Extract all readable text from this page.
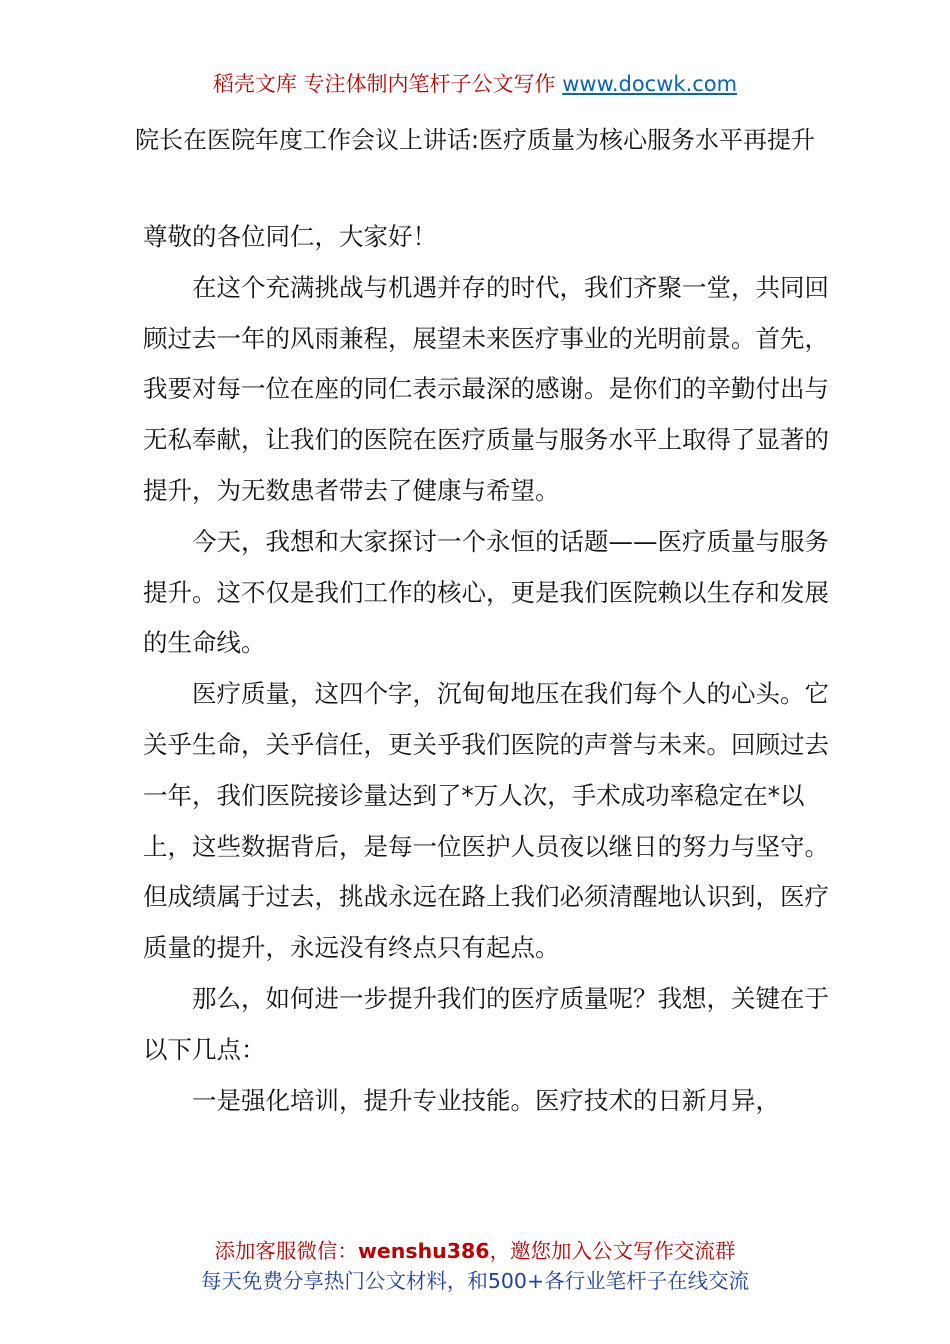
稻壳文库 专注体制内笔杆子公文写作 www.docwk.com
院长在医院年度工作会议上讲话:医疗质量为核心服务水平再提升

尊敬的各位同仁，大家好！

在这个充满挑战与机遇并存的时代，我们齐聚一堂，共同回顾过去一年的风雨兼程，展望未来医疗事业的光明前景。首先，我要对每一位在座的同仁表示最深的感谢。是你们的辛勤付出与无私奉献，让我们的医院在医疗质量与服务水平上取得了显著的提升，为无数患者带去了健康与希望。

今天，我想和大家探讨一个永恒的话题——医疗质量与服务提升。这不仅是我们工作的核心，更是我们医院赖以生存和发展的生命线。

医疗质量，这四个字，沉甸甸地压在我们每个人的心头。它关乎生命，关乎信任，更关乎我们医院的声誉与未来。回顾过去一年，我们医院接诊量达到了*万人次，手术成功率稳定在*以上，这些数据背后，是每一位医护人员夜以继日的努力与坚守。但成绩属于过去，挑战永远在路上我们必须清醒地认识到，医疗质量的提升，永远没有终点只有起点。

那么，如何进一步提升我们的医疗质量呢？我想，关键在于以下几点：

一是强化培训，提升专业技能。医疗技术的日新月异，

添加客服微信：wenshu386，邀您加入公文写作交流群
每天免费分享热门公文材料，和500+各行业笔杆子在线交流
